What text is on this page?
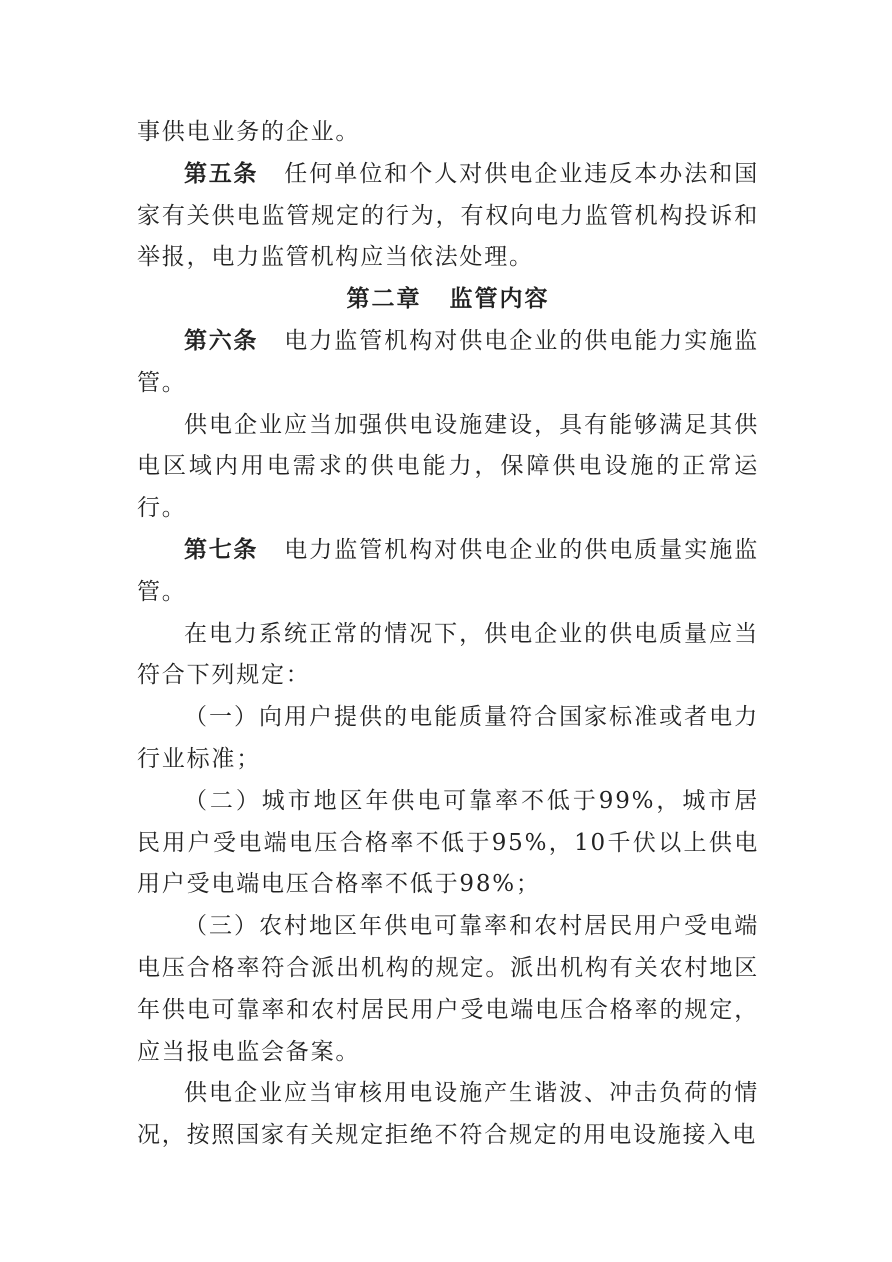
事供电业务的企业。

第五条 任何单位和个人对供电企业违反本办法和国家有关供电监管规定的行为，有权向电力监管机构投诉和举报，电力监管机构应当依法处理。

第二章 监管内容

第六条 电力监管机构对供电企业的供电能力实施监管。

供电企业应当加强供电设施建设，具有能够满足其供电区域内用电需求的供电能力，保障供电设施的正常运行。

第七条 电力监管机构对供电企业的供电质量实施监管。

在电力系统正常的情况下，供电企业的供电质量应当符合下列规定：

（一）向用户提供的电能质量符合国家标准或者电力行业标准；

（二）城市地区年供电可靠率不低于99%，城市居民用户受电端电压合格率不低于95%，10千伏以上供电用户受电端电压合格率不低于98%；

（三）农村地区年供电可靠率和农村居民用户受电端电压合格率符合派出机构的规定。派出机构有关农村地区年供电可靠率和农村居民用户受电端电压合格率的规定，应当报电监会备案。

供电企业应当审核用电设施产生谐波、冲击负荷的情况，按照国家有关规定拒绝不符合规定的用电设施接入电
